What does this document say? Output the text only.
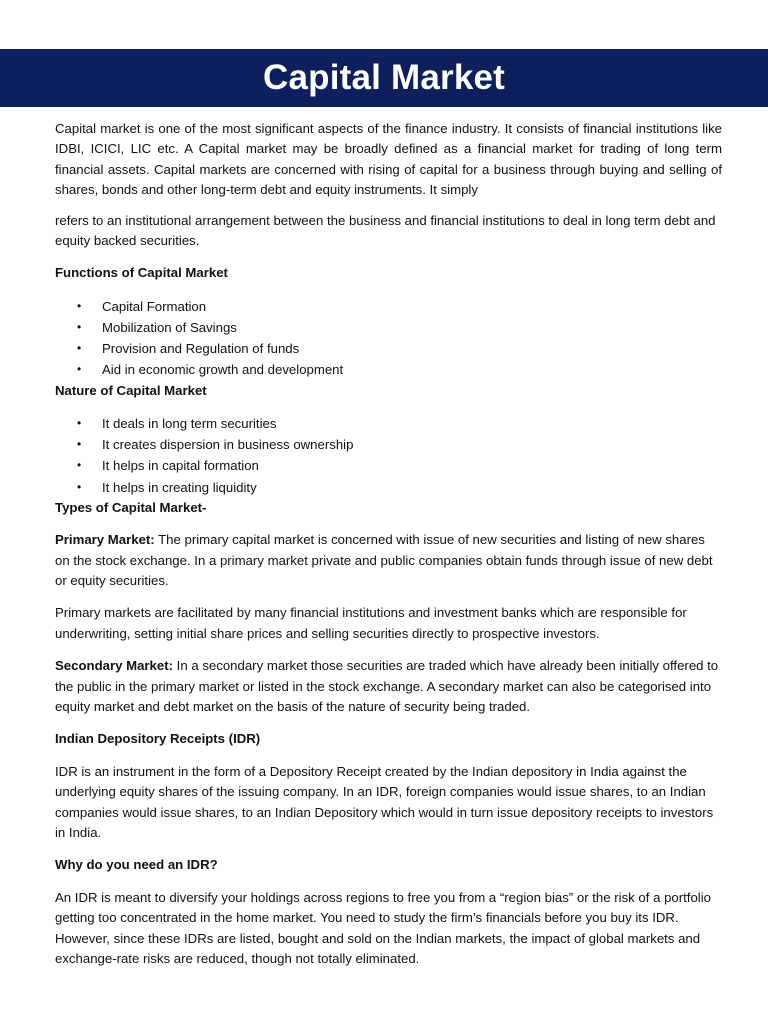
Capital Market

Capital market is one of the most significant aspects of the finance industry. It consists of financial institutions like IDBI, ICICI, LIC etc. A Capital market may be broadly defined as a financial market for trading of long term financial assets. Capital markets are concerned with rising of capital for a business through buying and selling of shares, bonds and other long-term debt and equity instruments. It simply

refers to an institutional arrangement between the business and financial institutions to deal in long term debt and equity backed securities.

Functions of Capital Market

• Capital Formation
• Mobilization of Savings
• Provision and Regulation of funds
• Aid in economic growth and development

Nature of Capital Market

• It deals in long term securities
• It creates dispersion in business ownership
• It helps in capital formation
• It helps in creating liquidity

Types of Capital Market-

Primary Market: The primary capital market is concerned with issue of new securities and listing of new shares on the stock exchange. In a primary market private and public companies obtain funds through issue of new debt or equity securities.

Primary markets are facilitated by many financial institutions and investment banks which are responsible for underwriting, setting initial share prices and selling securities directly to prospective investors.

Secondary Market: In a secondary market those securities are traded which have already been initially offered to the public in the primary market or listed in the stock exchange. A secondary market can also be categorised into equity market and debt market on the basis of the nature of security being traded.

Indian Depository Receipts (IDR)

IDR is an instrument in the form of a Depository Receipt created by the Indian depository in India against the underlying equity shares of the issuing company. In an IDR, foreign companies would issue shares, to an Indian companies would issue shares, to an Indian Depository which would in turn issue depository receipts to investors in India.

Why do you need an IDR?

An IDR is meant to diversify your holdings across regions to free you from a “region bias” or the risk of a portfolio getting too concentrated in the home market. You need to study the firm’s financials before you buy its IDR. However, since these IDRs are listed, bought and sold on the Indian markets, the impact of global markets and exchange-rate risks are reduced, though not totally eliminated.
